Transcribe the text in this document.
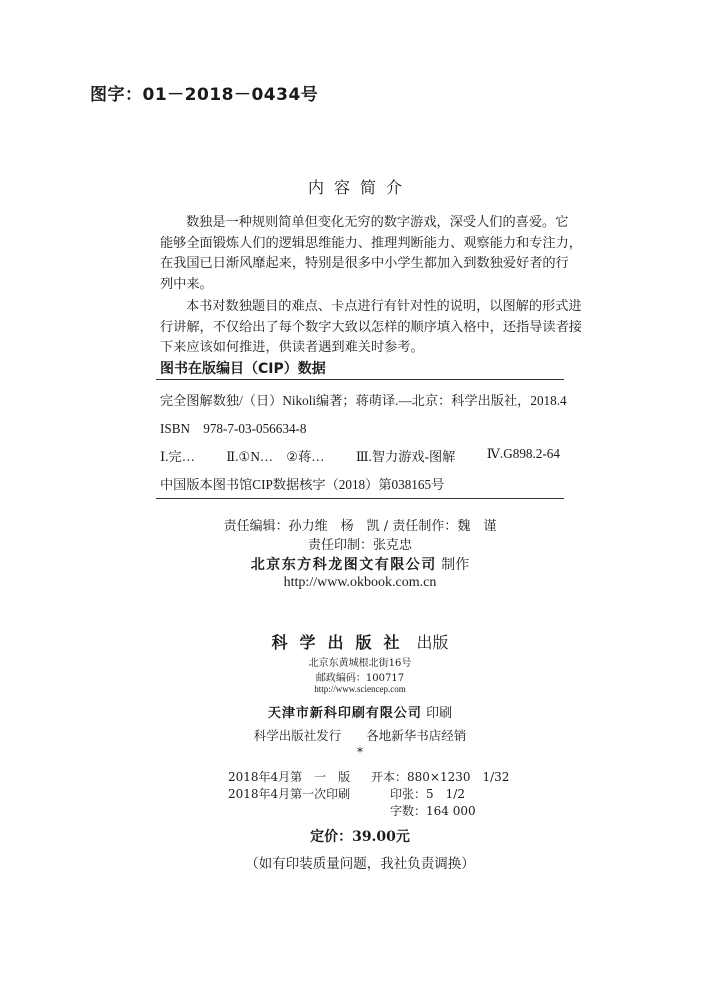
图字：01－2018－0434号
内容简介
数独是一种规则简单但变化无穷的数字游戏，深受人们的喜爱。它
能够全面锻炼人们的逻辑思维能力、推理判断能力、观察能力和专注力，
在我国已日渐风靡起来，特别是很多中小学生都加入到数独爱好者的行
列中来。
本书对数独题目的难点、卡点进行有针对性的说明，以图解的形式进
行讲解，不仅给出了每个数字大致以怎样的顺序填入格中，还指导读者接
下来应该如何推进，供读者遇到难关时参考。
图书在版编目（CIP）数据
完全图解数独/（日）Nikoli编著；蒋萌译.—北京：科学出版社，2018.4
ISBN　978-7-03-056634-8
Ⅰ.完… Ⅱ.①N…　②蒋… Ⅲ.智力游戏-图解 Ⅳ.G898.2-64
中国版本图书馆CIP数据核字（2018）第038165号
责任编辑：孙力维　杨　凯 / 责任制作：魏　谨
责任印制：张克忠
北京东方科龙图文有限公司 制作
http://www.okbook.com.cn
科学出版社 出版
北京东黄城根北街16号
邮政编码：100717
http://www.sciencep.com
天津市新科印刷有限公司 印刷
科学出版社发行　　各地新华书店经销
*
2018年4月第　一　版
2018年4月第一次印刷
开本：880×1230　1/32
印张：5　1/2
字数：164 000
定价：39.00元
（如有印装质量问题，我社负责调换）
